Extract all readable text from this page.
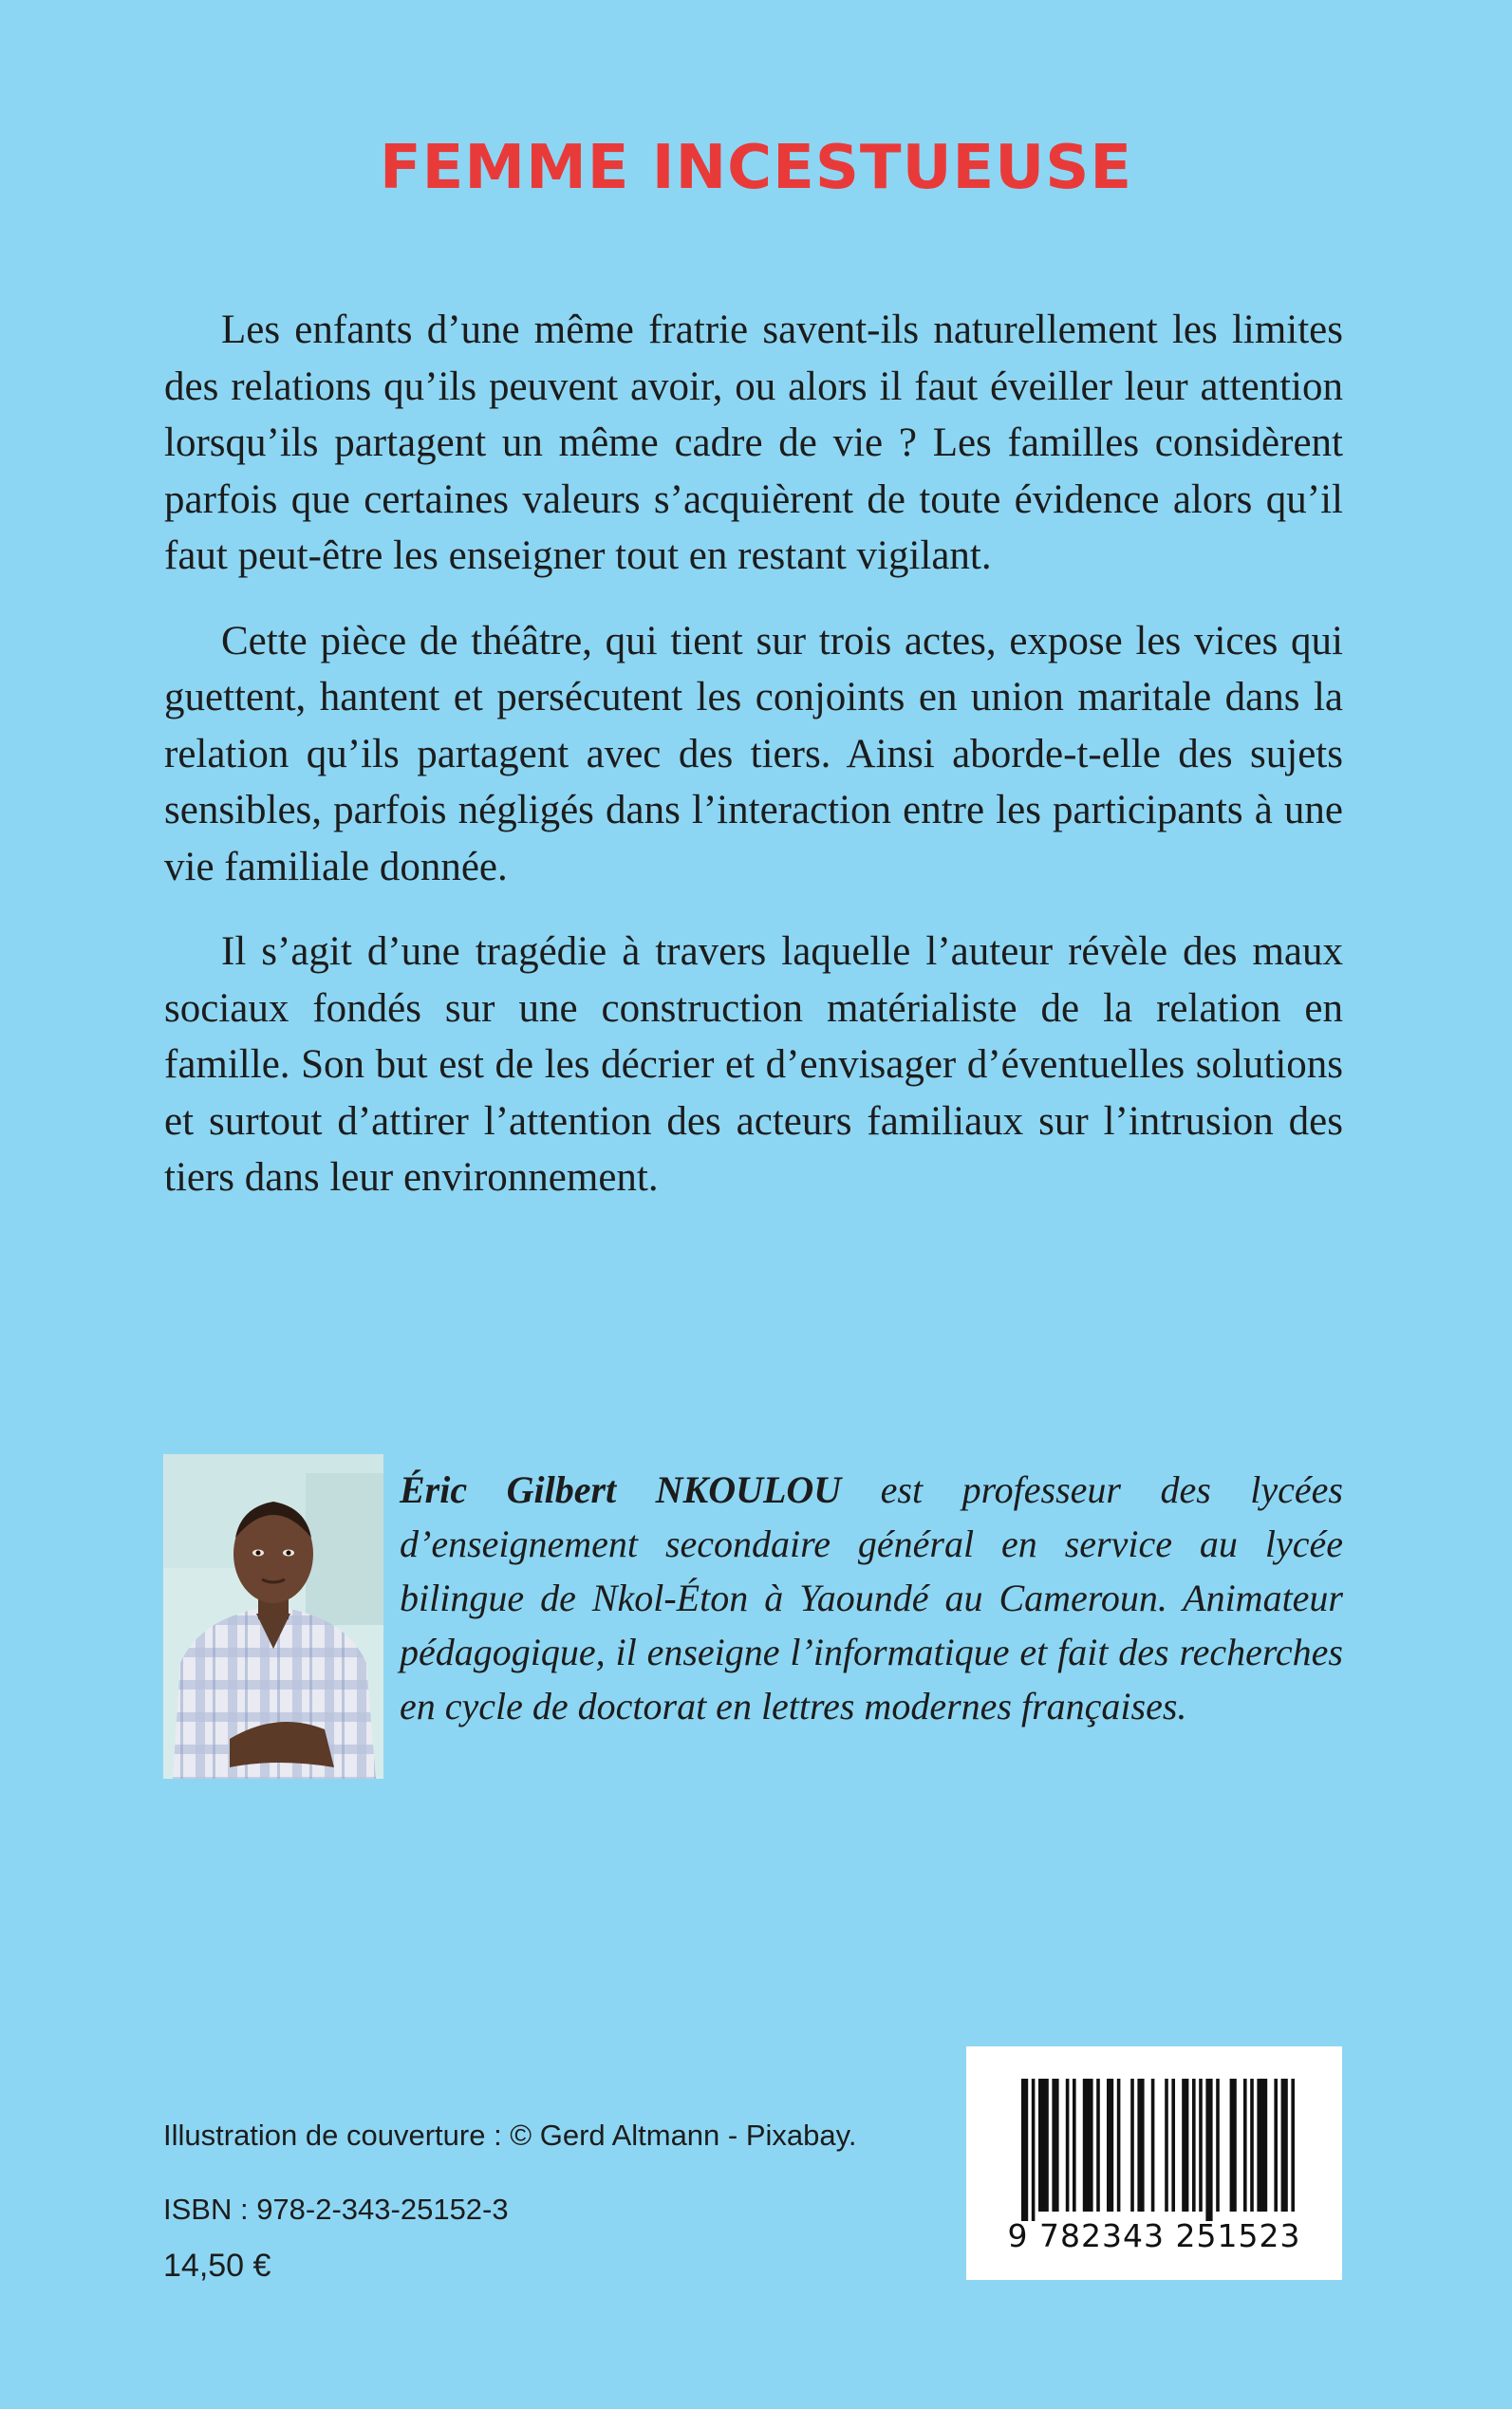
FEMME INCESTUEUSE

Les enfants d’une même fratrie savent-ils naturellement les limites des relations qu’ils peuvent avoir, ou alors il faut éveiller leur attention lorsqu’ils partagent un même cadre de vie ? Les familles considèrent parfois que certaines valeurs s’acquièrent de toute évidence alors qu’il faut peut-être les enseigner tout en restant vigilant.

Cette pièce de théâtre, qui tient sur trois actes, expose les vices qui guettent, hantent et persécutent les conjoints en union maritale dans la relation qu’ils partagent avec des tiers. Ainsi aborde-t-elle des sujets sensibles, parfois négligés dans l’interaction entre les participants à une vie familiale donnée.

Il s’agit d’une tragédie à travers laquelle l’auteur révèle des maux sociaux fondés sur une construction matérialiste de la relation en famille. Son but est de les décrier et d’envisager d’éventuelles solutions et surtout d’attirer l’attention des acteurs familiaux sur l’intrusion des tiers dans leur environnement.

Éric Gilbert NKOULOU est professeur des lycées d’enseignement secondaire général en service au lycée bilingue de Nkol-Éton à Yaoundé au Cameroun. Animateur pédagogique, il enseigne l’informatique et fait des recherches en cycle de doctorat en lettres modernes françaises.

Illustration de couverture : © Gerd Altmann - Pixabay.
ISBN : 978-2-343-25152-3
14,50 €
9 782343 251523
